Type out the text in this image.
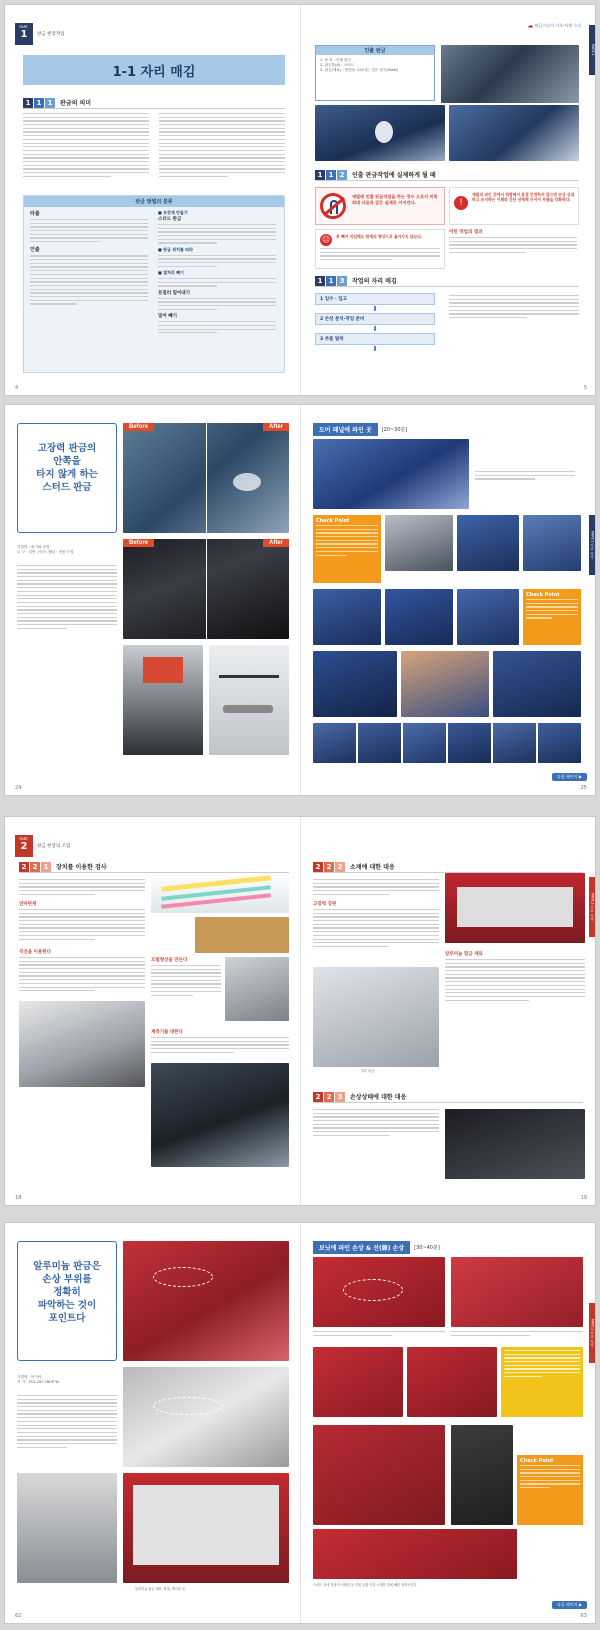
PART.
1	판금 현장작업
1-1 자리 매김
1 1 1	판금의 의미
판금 방법의 분류
타출
인출
■ 보강재 만들기
스터드 판금
■ 판금 위치를 따라
■ 열처리 빼기
문질러 밀어내기
밀어 빼기
4
🚗 판금기술의 기초·차체 수리
PART.1
인출 판금
1. 용 어 : 인출 판금
2. 판금툴(A) : 스터드
3. 판금(재료) : 방법을 나타내는 것은 절곡(Steel)
1 1 2	인출 판금작업에 실제하게 될 때
재빌레 인출 판금작업을 하는 경우 오로지 비록 최대 다음과 같은 실제로 이어진다.	!
재빌의 파인 것에서 적합해서 용접 안정하지 않으면 손상 상대하고 유지하는 이해와 간단 선택해 두어서 부품을 강화하다.
☹	못 빼어 작업해도 판재의 형상으로 돌아가지 않는다.
이런 작업의 결과
1 1 3	작업의 자리 매김
1 입수 · 입고
⬇
2 손상 분석·작업 준비
⬇
3 부품 탈착
⬇
5
고장력 판금의
안쪽을
타지 않게 하는
스터드 판금
Before	After
Before	After
기법명 : 평기와 공법
도 구 : 일반 스터드 웰더 · 전동 드릴
24
PART.1 기초 지식
도어 패널에 파인 곳	[20~30분]
Check Point
Check Point
다음 페이지 ▶
25
PART.
2	판금 현장의 조립
2 2 1	장치를 이용한 검사
연마판재
직선을 이용한다
모범형상을 만든다
계측기를 대한다
18
PART.2 기초 지식
2 2 2	소재에 대한 대응
고장력 강판
알루미늄 합금 재료
알루 판금
2 2 3	손상상태에 대한 대응
19
알루미늄 판금은
손상 부위를
정확히
파악하는 것이
포인트다
기법명 : 아시야
기 기 : YCS-20C+BOP W
알루미늄 판금 재료, 툴대, 케이블 등
62
PART.2 기초 지식
보닛에 파인 손상 & 선(線) 손상	[30~40분]
Check Point
스터드 건에 전용의 어댑터 등 끼워 등을 인출 소정한 뒤에 빼를 용착시킨다
다음 페이지 ▶
63
